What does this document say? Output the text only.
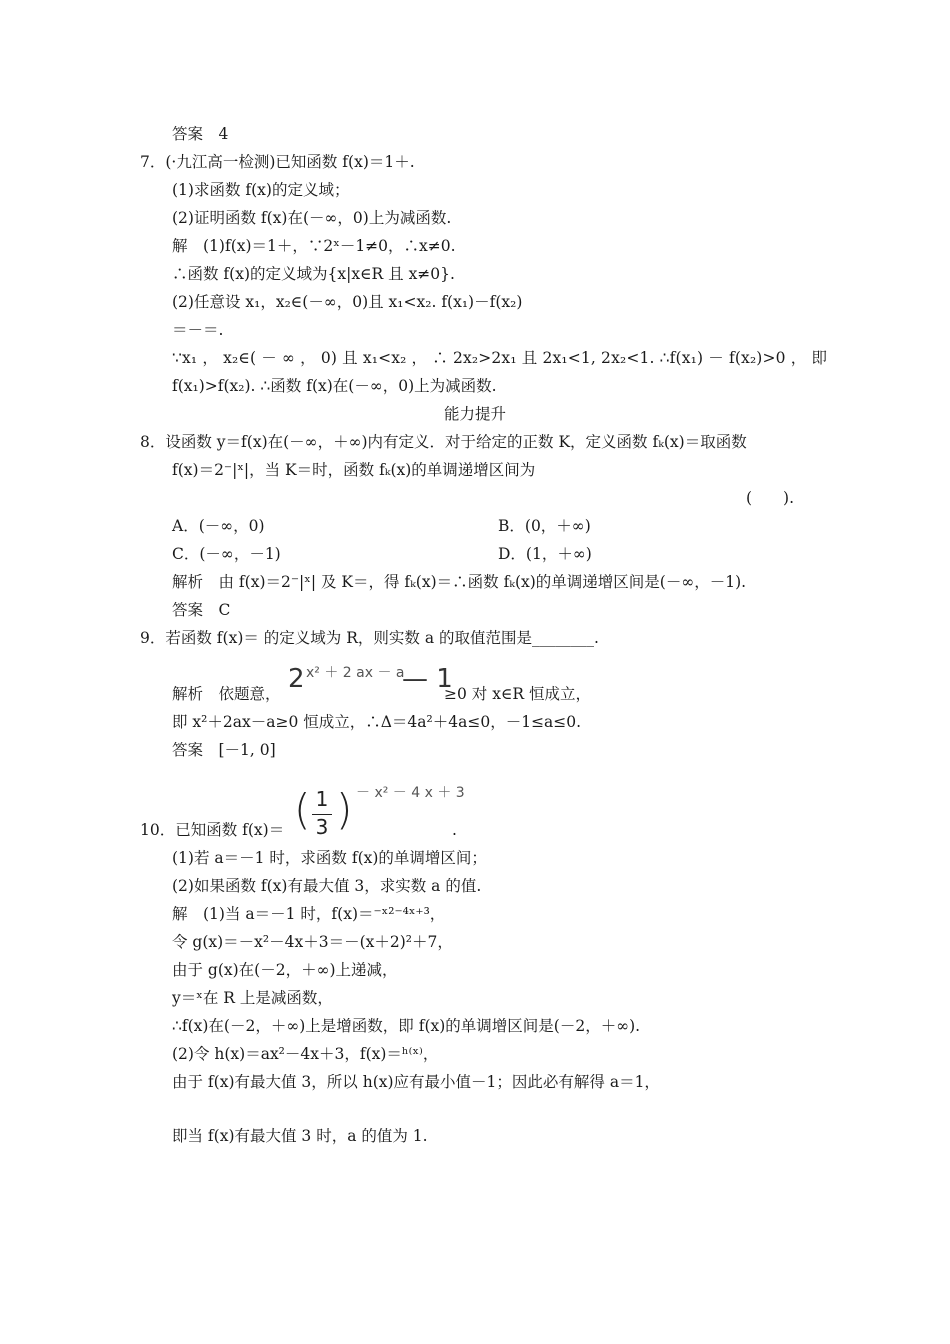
答案　4
7．(·九江高一检测)已知函数 f(x)＝1＋.
(1)求函数 f(x)的定义域；
(2)证明函数 f(x)在(－∞，0)上为减函数.
解　(1)f(x)＝1＋，∵2ˣ－1≠0，∴x≠0.
∴函数 f(x)的定义域为{x|x∈R 且 x≠0}.
(2)任意设 x₁，x₂∈(－∞，0)且 x₁<x₂. f(x₁)－f(x₂)
＝－＝.
∵x₁ ， x₂∈( － ∞ ， 0) 且 x₁<x₂ ， ∴ 2x₂>2x₁ 且 2x₁<1, 2x₂<1. ∴f(x₁) － f(x₂)>0 ， 即
f(x₁)>f(x₂). ∴函数 f(x)在(－∞，0)上为减函数.
能力提升
8．设函数 y＝f(x)在(－∞，＋∞)内有定义．对于给定的正数 K，定义函数 fₖ(x)＝取函数
f(x)＝2⁻|ˣ|，当 K＝时，函数 fₖ(x)的单调递增区间为
(　　).
A．(－∞，0)	B．(0，＋∞)
C．(－∞，－1)	D．(1，＋∞)
解析　由 f(x)＝2⁻|ˣ| 及 K＝，得 fₖ(x)＝∴函数 fₖ(x)的单调递增区间是(－∞，－1).
答案　C
9．若函数 f(x)＝ 的定义域为 R，则实数 a 的取值范围是________.
解析　依题意， 2 x² ＋ 2 ax － a
— 1
≥0 对 x∈R 恒成立，
即 x²＋2ax－a≥0 恒成立，∴Δ＝4a²＋4a≤0，－1≤a≤0.
答案　[－1, 0]
10．已知函数 f(x)＝ ( 1
3 ) － x² － 4 x ＋ 3
.
(1)若 a＝－1 时，求函数 f(x)的单调增区间；
(2)如果函数 f(x)有最大值 3，求实数 a 的值.
解　(1)当 a＝－1 时，f(x)＝⁻ˣ²⁻⁴ˣ⁺³，
令 g(x)＝－x²－4x＋3＝－(x＋2)²＋7，
由于 g(x)在(－2，＋∞)上递减，
y＝ˣ在 R 上是减函数，
∴f(x)在(－2，＋∞)上是增函数，即 f(x)的单调增区间是(－2，＋∞).
(2)令 h(x)＝ax²－4x＋3，f(x)＝ʰ⁽ˣ⁾，
由于 f(x)有最大值 3，所以 h(x)应有最小值－1；因此必有解得 a＝1，
即当 f(x)有最大值 3 时，a 的值为 1.
